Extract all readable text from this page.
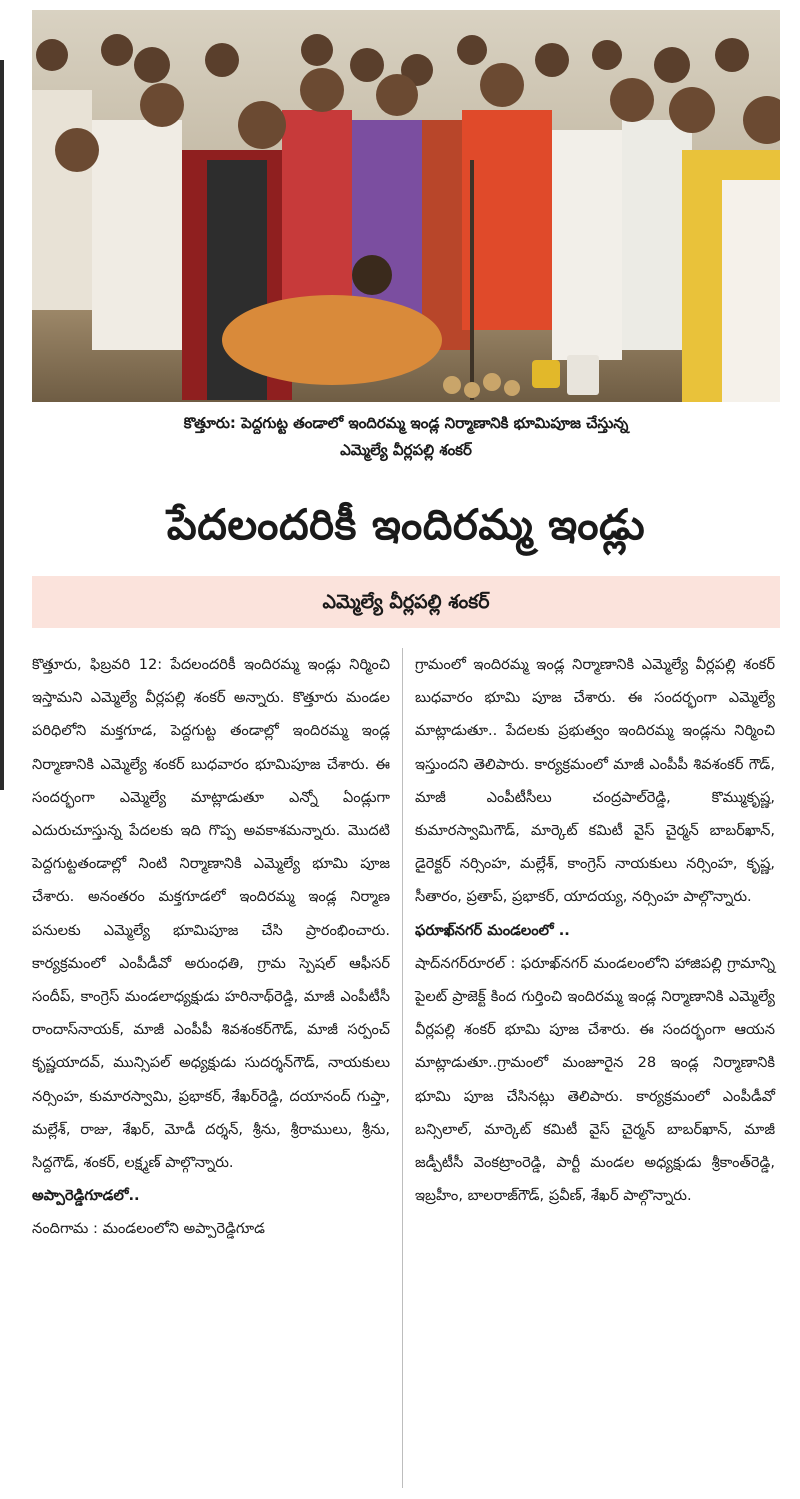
కొత్తూరు: పెద్దగుట్ట తండాలో ఇందిరమ్మ ఇండ్ల నిర్మాణానికి భూమిపూజ చేస్తున్న
ఎమ్మెల్యే వీర్లపల్లి శంకర్
పేదలందరికీ ఇందిరమ్మ ఇండ్లు
ఎమ్మెల్యే వీర్లపల్లి శంకర్

కొత్తూరు, ఫిబ్రవరి 12: పేదలందరికీ ఇందిరమ్మ ఇండ్లు నిర్మించి ఇస్తామని ఎమ్మెల్యే వీర్లపల్లి శంకర్ అన్నారు. కొత్తూరు మండల పరిధిలోని మక్తగూడ, పెద్దగుట్ట తండాల్లో ఇందిరమ్మ ఇండ్ల నిర్మాణానికి ఎమ్మెల్యే శంకర్ బుధవారం భూమిపూజ చేశారు. ఈ సందర్భంగా ఎమ్మెల్యే మాట్లాడుతూ ఎన్నో ఏండ్లుగా ఎదురుచూస్తున్న పేదలకు ఇది గొప్ప అవకాశమన్నారు. మొదటి పెద్దగుట్టతండాల్లో నింటి నిర్మాణానికి ఎమ్మెల్యే భూమి పూజ చేశారు. అనంతరం మక్తగూడలో ఇందిరమ్మ ఇండ్ల నిర్మాణ పనులకు ఎమ్మెల్యే భూమిపూజ చేసి ప్రారంభించారు. కార్యక్రమంలో ఎంపీడీవో అరుంధతి, గ్రామ స్పెషల్ ఆఫీసర్ సందీప్, కాంగ్రెస్ మండలాధ్యక్షుడు హరినాథ్‌రెడ్డి, మాజీ ఎంపీటీసీ రాందాస్‌నాయక్, మాజీ ఎంపీపీ శివశంకర్‌గౌడ్, మాజీ సర్పంచ్ కృష్ణయాదవ్, మున్సిపల్ అధ్యక్షుడు సుదర్శన్‌గౌడ్, నాయకులు నర్సింహ, కుమారస్వామి, ప్రభాకర్, శేఖర్‌రెడ్డి, దయానంద్ గుప్తా, మల్లేశ్, రాజు, శేఖర్, మోడీ దర్శన్, శ్రీను, శ్రీరాములు, శ్రీను, సిద్దగౌడ్, శంకర్, లక్ష్మణ్ పాల్గొన్నారు.

అప్పారెడ్డిగూడలో..

నందిగామ : మండలంలోని అప్పారెడ్డిగూడ

గ్రామంలో ఇందిరమ్మ ఇండ్ల నిర్మాణానికి ఎమ్మెల్యే వీర్లపల్లి శంకర్ బుధవారం భూమి పూజ చేశారు. ఈ సందర్భంగా ఎమ్మెల్యే మాట్లాడుతూ.. పేదలకు ప్రభుత్వం ఇందిరమ్మ ఇండ్లను నిర్మించి ఇస్తుందని తెలిపారు. కార్యక్రమంలో మాజీ ఎంపీపీ శివశంకర్ గౌడ్, మాజీ ఎంపీటీసీలు చంద్రపాల్‌రెడ్డి, కొమ్ముకృష్ణ, కుమారస్వామిగౌడ్, మార్కెట్ కమిటీ వైస్ చైర్మన్ బాబర్‌ఖాన్, డైరెక్టర్ నర్సింహ, మల్లేశ్, కాంగ్రెస్ నాయకులు నర్సింహ, కృష్ణ, సీతారం, ప్రతాప్, ప్రభాకర్, యాదయ్య, నర్సింహ పాల్గొన్నారు.

ఫరూఖ్‌నగర్ మండలంలో ..

షాద్‌నగర్‌రూరల్ : ఫరూఖ్‌నగర్ మండలంలోని హాజిపల్లి గ్రామాన్ని పైలట్ ప్రాజెక్ట్ కింద గుర్తించి ఇందిరమ్మ ఇండ్ల నిర్మాణానికి ఎమ్మెల్యే వీర్లపల్లి శంకర్ భూమి పూజ చేశారు. ఈ సందర్భంగా ఆయన మాట్లాడుతూ..గ్రామంలో మంజూరైన 28 ఇండ్ల నిర్మాణానికి భూమి పూజ చేసినట్లు తెలిపారు. కార్యక్రమంలో ఎంపీడీవో బన్సిలాల్, మార్కెట్ కమిటీ వైస్ చైర్మన్ బాబర్‌ఖాన్, మాజీ జడ్పీటీసీ వెంకట్రాంరెడ్డి, పార్టీ మండల అధ్యక్షుడు శ్రీకాంత్‌రెడ్డి, ఇబ్రహీం, బాలరాజ్‌గౌడ్, ప్రవీణ్, శేఖర్ పాల్గొన్నారు.
